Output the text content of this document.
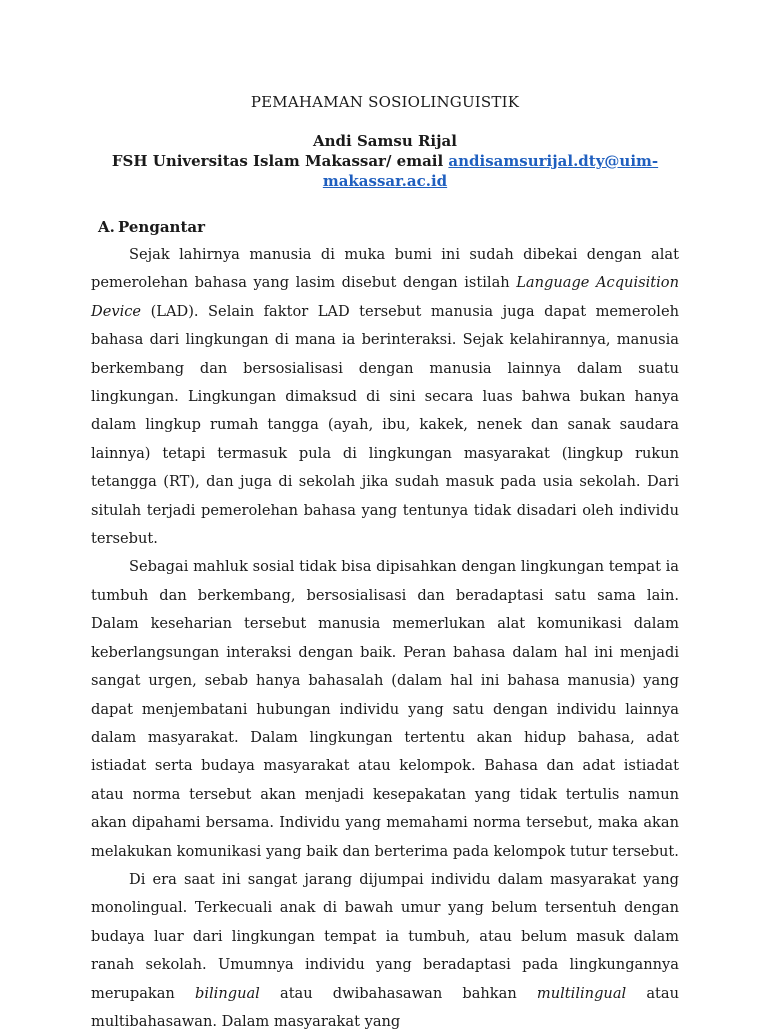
PEMAHAMAN SOSIOLINGUISTIK

Andi Samsu Rijal

FSH Universitas Islam Makassar/ email andisamsurijal.dty@uim-makassar.ac.id

A. Pengantar

Sejak lahirnya manusia di muka bumi ini sudah dibekai dengan alat pemerolehan bahasa yang lasim disebut dengan istilah Language Acquisition Device (LAD). Selain faktor LAD tersebut manusia juga dapat memeroleh bahasa dari lingkungan di mana ia berinteraksi. Sejak kelahirannya, manusia berkembang dan bersosialisasi dengan manusia lainnya dalam suatu lingkungan. Lingkungan dimaksud di sini secara luas bahwa bukan hanya dalam lingkup rumah tangga (ayah, ibu, kakek, nenek dan sanak saudara lainnya) tetapi termasuk pula di lingkungan masyarakat (lingkup rukun tetangga (RT), dan juga di sekolah jika sudah masuk pada usia sekolah. Dari situlah terjadi pemerolehan bahasa yang tentunya tidak disadari oleh individu tersebut.

Sebagai mahluk sosial tidak bisa dipisahkan dengan lingkungan tempat ia tumbuh dan berkembang, bersosialisasi dan beradaptasi satu sama lain. Dalam keseharian tersebut manusia memerlukan alat komunikasi dalam keberlangsungan interaksi dengan baik. Peran bahasa dalam hal ini menjadi sangat urgen, sebab hanya bahasalah (dalam hal ini bahasa manusia) yang dapat menjembatani hubungan individu yang satu dengan individu lainnya dalam masyarakat. Dalam lingkungan tertentu akan hidup bahasa, adat istiadat serta budaya masyarakat atau kelompok. Bahasa dan adat istiadat atau norma tersebut akan menjadi kesepakatan yang tidak tertulis namun akan dipahami bersama. Individu yang memahami norma tersebut, maka akan melakukan komunikasi yang baik dan berterima pada kelompok tutur tersebut.

Di era saat ini sangat jarang dijumpai individu dalam masyarakat yang monolingual. Terkecuali anak di bawah umur yang belum tersentuh dengan budaya luar dari lingkungan tempat ia tumbuh, atau belum masuk dalam ranah sekolah. Umumnya individu yang beradaptasi pada lingkungannya merupakan bilingual atau dwibahasawan bahkan multilingual atau multibahasawan. Dalam masyarakat yang
